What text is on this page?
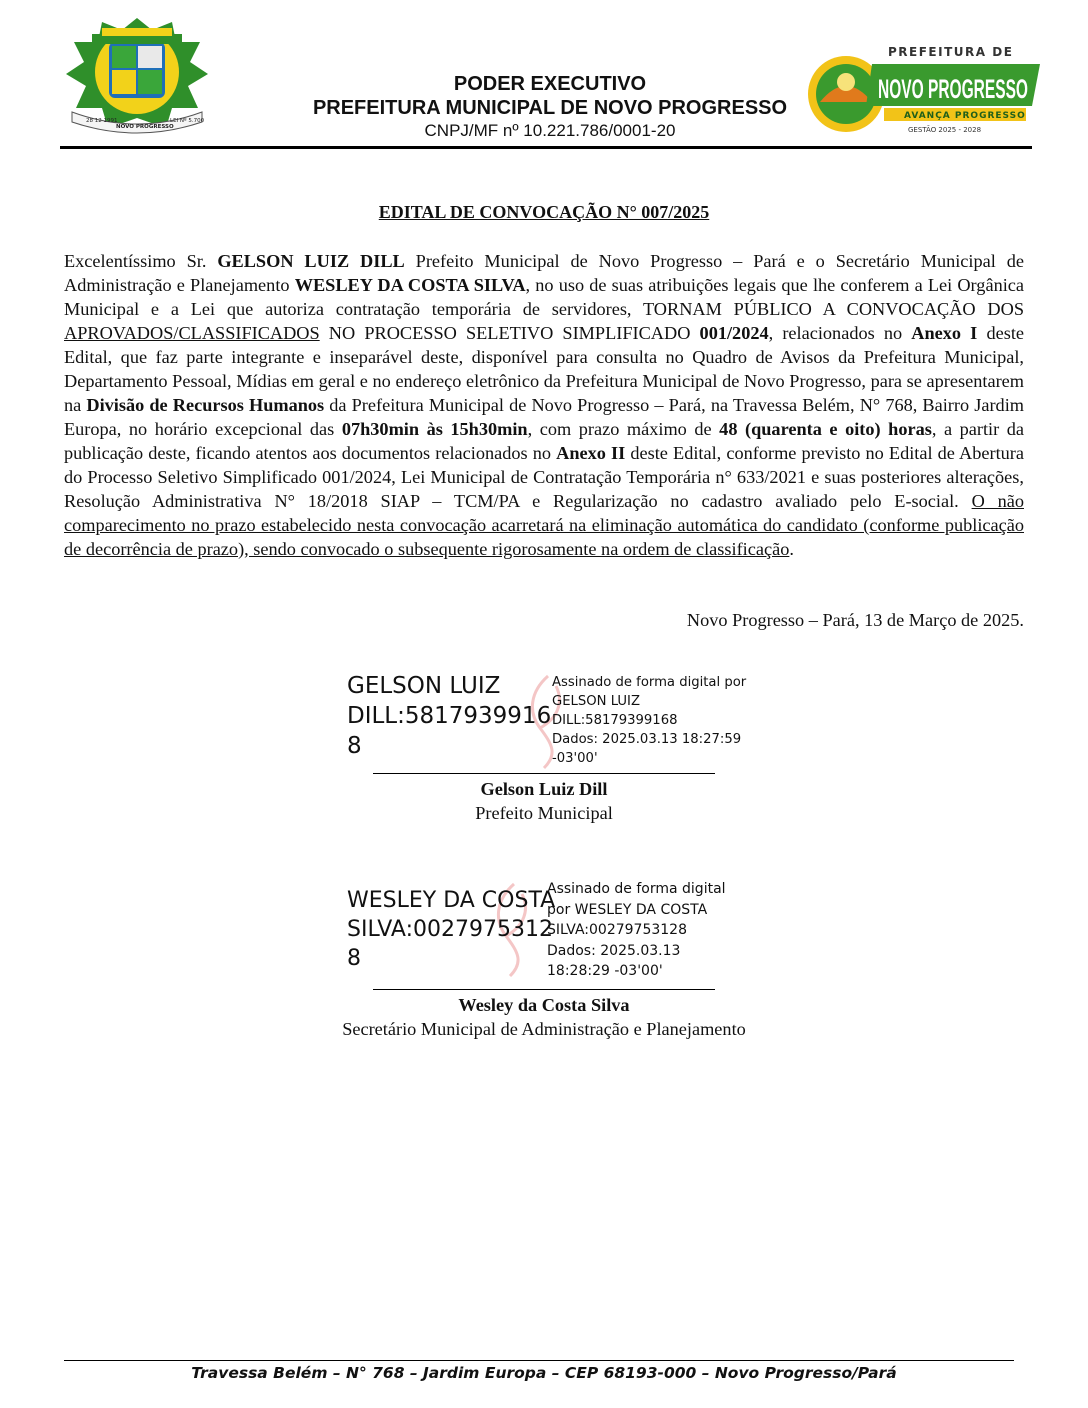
28 12 1991
NOVO PROGRESSO
LEI Nº 5.700
PODER EXECUTIVO
PREFEITURA MUNICIPAL DE NOVO PROGRESSO
CNPJ/MF nº 10.221.786/0001-20
PREFEITURA DE
NOVO PROGRESSO
AVANÇA PROGRESSO
GESTÃO 2025 - 2028
EDITAL DE CONVOCAÇÃO N° 007/2025

Excelentíssimo Sr. GELSON LUIZ DILL Prefeito Municipal de Novo Progresso – Pará e o Secretário Municipal de Administração e Planejamento WESLEY DA COSTA SILVA, no uso de suas atribuições legais que lhe conferem a Lei Orgânica Municipal e a Lei que autoriza contratação temporária de servidores, TORNAM PÚBLICO A CONVOCAÇÃO DOS APROVADOS/CLASSIFICADOS NO PROCESSO SELETIVO SIMPLIFICADO 001/2024, relacionados no Anexo I deste Edital, que faz parte integrante e inseparável deste, disponível para consulta no Quadro de Avisos da Prefeitura Municipal, Departamento Pessoal, Mídias em geral e no endereço eletrônico da Prefeitura Municipal de Novo Progresso, para se apresentarem na Divisão de Recursos Humanos da Prefeitura Municipal de Novo Progresso – Pará, na Travessa Belém, N° 768, Bairro Jardim Europa, no horário excepcional das 07h30min às 15h30min, com prazo máximo de 48 (quarenta e oito) horas, a partir da publicação deste, ficando atentos aos documentos relacionados no Anexo II deste Edital, conforme previsto no Edital de Abertura do Processo Seletivo Simplificado 001/2024, Lei Municipal de Contratação Temporária n° 633/2021 e suas posteriores alterações, Resolução Administrativa N° 18/2018 SIAP – TCM/PA e Regularização no cadastro avaliado pelo E-social. O não comparecimento no prazo estabelecido nesta convocação acarretará na eliminação automática do candidato (conforme publicação de decorrência de prazo), sendo convocado o subsequente rigorosamente na ordem de classificação.

Novo Progresso – Pará, 13 de Março de 2025.
GELSON LUIZ
DILL:5817939916
8
Assinado de forma digital por
GELSON LUIZ
DILL:58179399168
Dados: 2025.03.13 18:27:59
-03'00'
Gelson Luiz Dill
Prefeito Municipal
WESLEY DA COSTA
SILVA:0027975312
8
Assinado de forma digital
por WESLEY DA COSTA
SILVA:00279753128
Dados: 2025.03.13
18:28:29 -03'00'
Wesley da Costa Silva
Secretário Municipal de Administração e Planejamento
Travessa Belém – N° 768 – Jardim Europa – CEP 68193-000 – Novo Progresso/Pará
